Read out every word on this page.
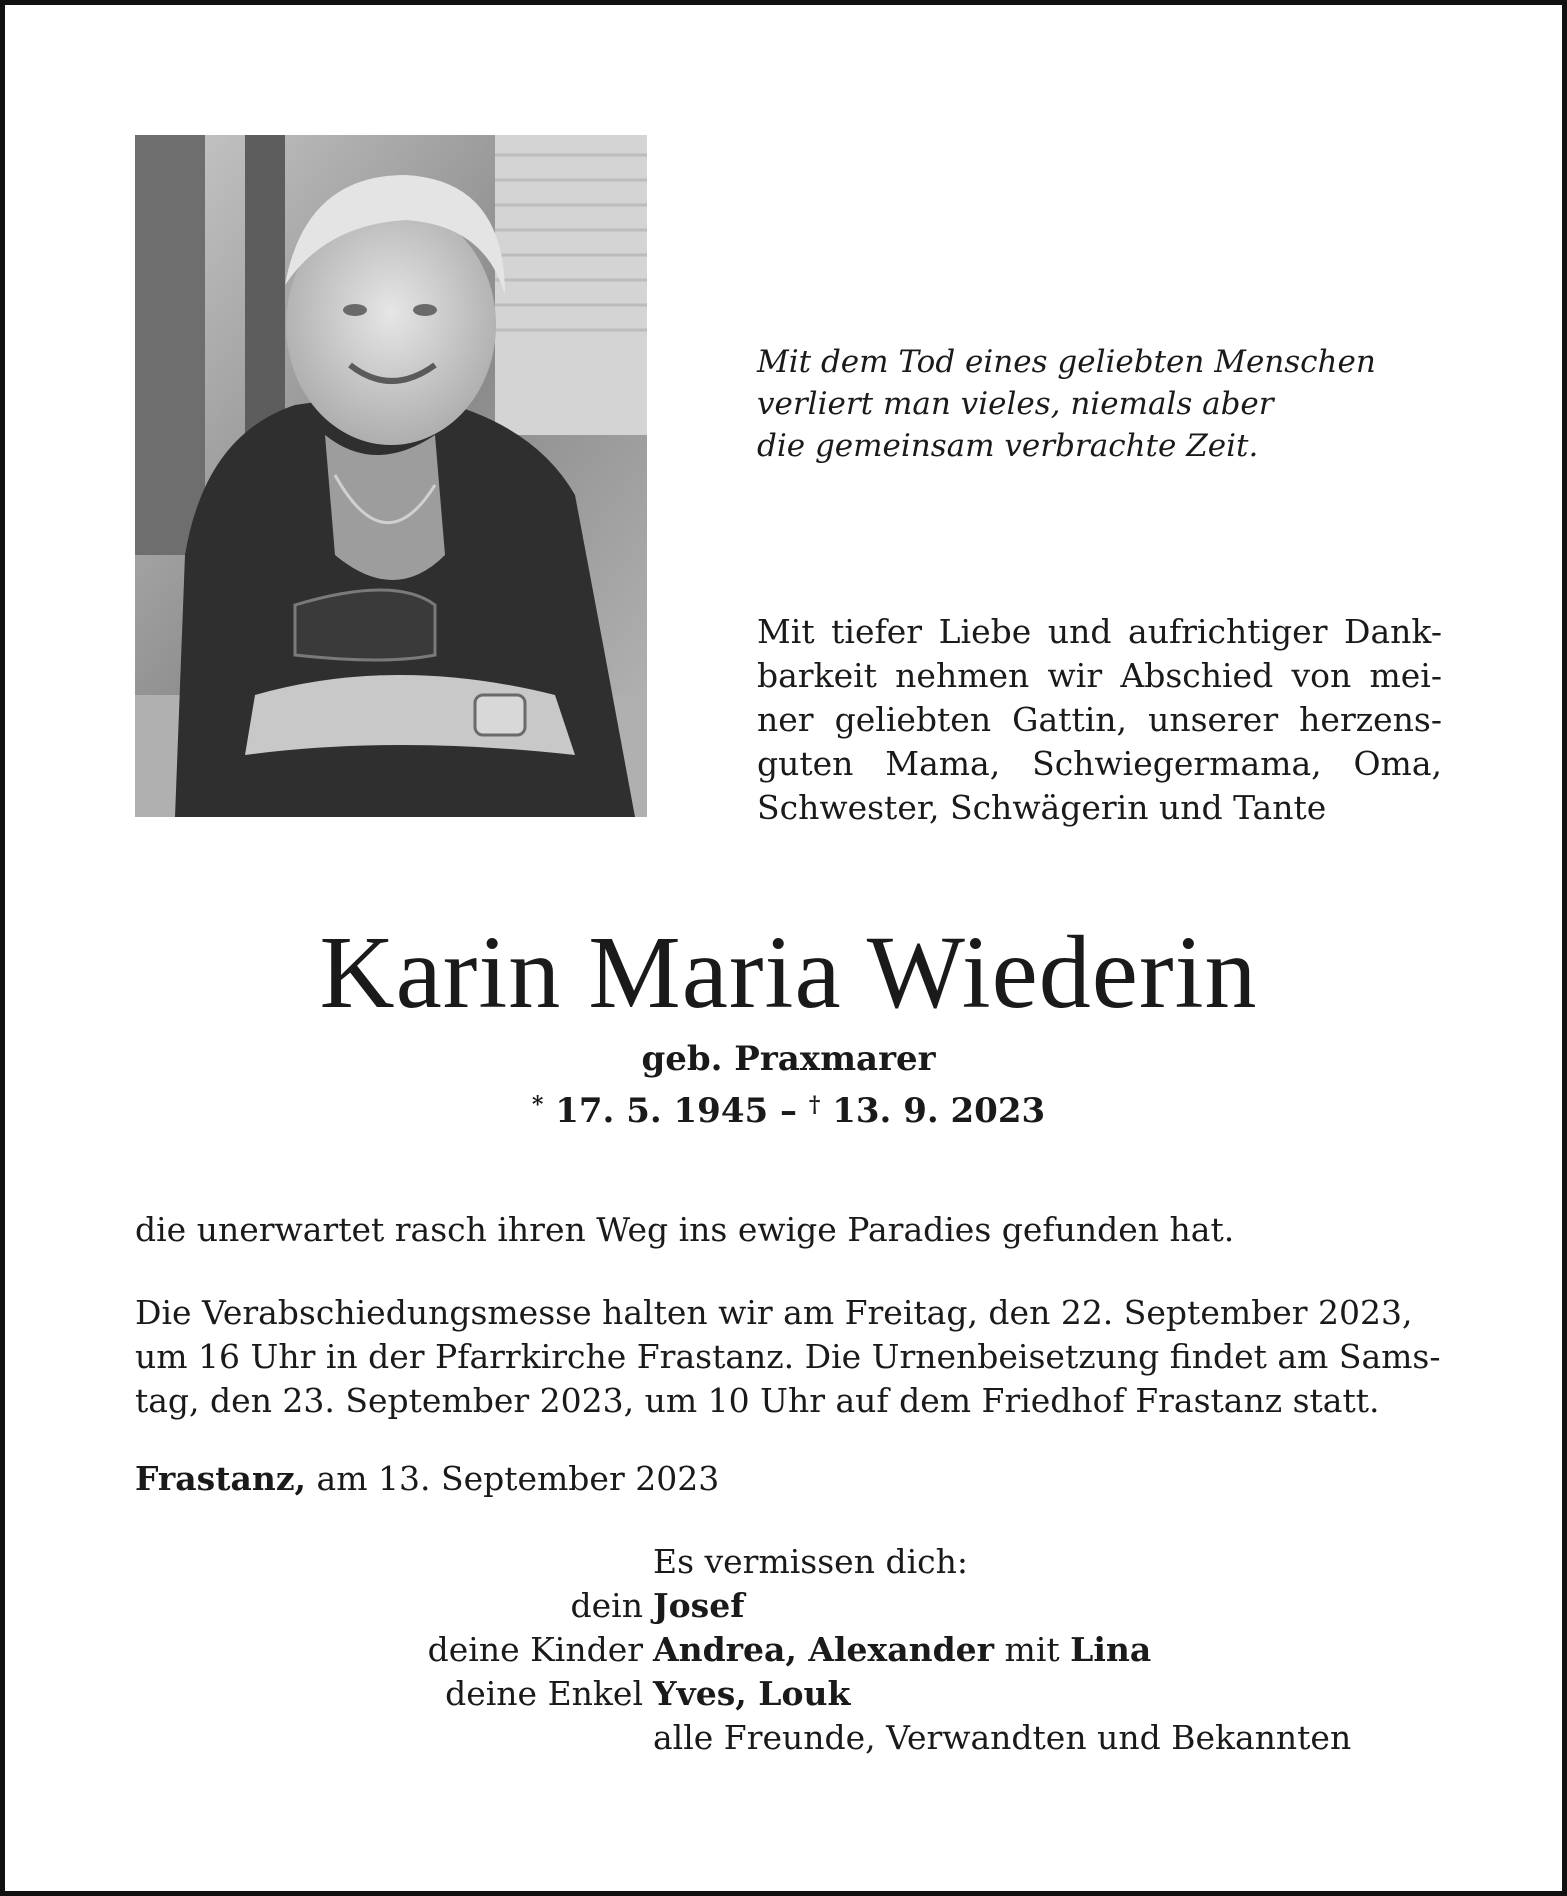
Mit dem Tod eines geliebten Menschen
verliert man vieles, niemals aber
die gemeinsam verbrachte Zeit.

Mit tiefer Liebe und aufrichtiger Dank-
barkeit nehmen wir Abschied von mei-
ner geliebten Gattin, unserer herzens-
guten Mama, Schwiegermama, Oma,
Schwester, Schwägerin und Tante

Karin Maria Wiederin
geb. Praxmarer
* 17. 5. 1945 – † 13. 9. 2023

die unerwartet rasch ihren Weg ins ewige Paradies gefunden hat.

Die Verabschiedungsmesse halten wir am Freitag, den 22. September 2023,
um 16 Uhr in der Pfarrkirche Frastanz. Die Urnenbeisetzung findet am Sams-
tag, den 23. September 2023, um 10 Uhr auf dem Friedhof Frastanz statt.

Frastanz, am 13. September 2023

Es vermissen dich:
dein Josef
deine Kinder Andrea, Alexander mit Lina
deine Enkel Yves, Louk
alle Freunde, Verwandten und Bekannten
